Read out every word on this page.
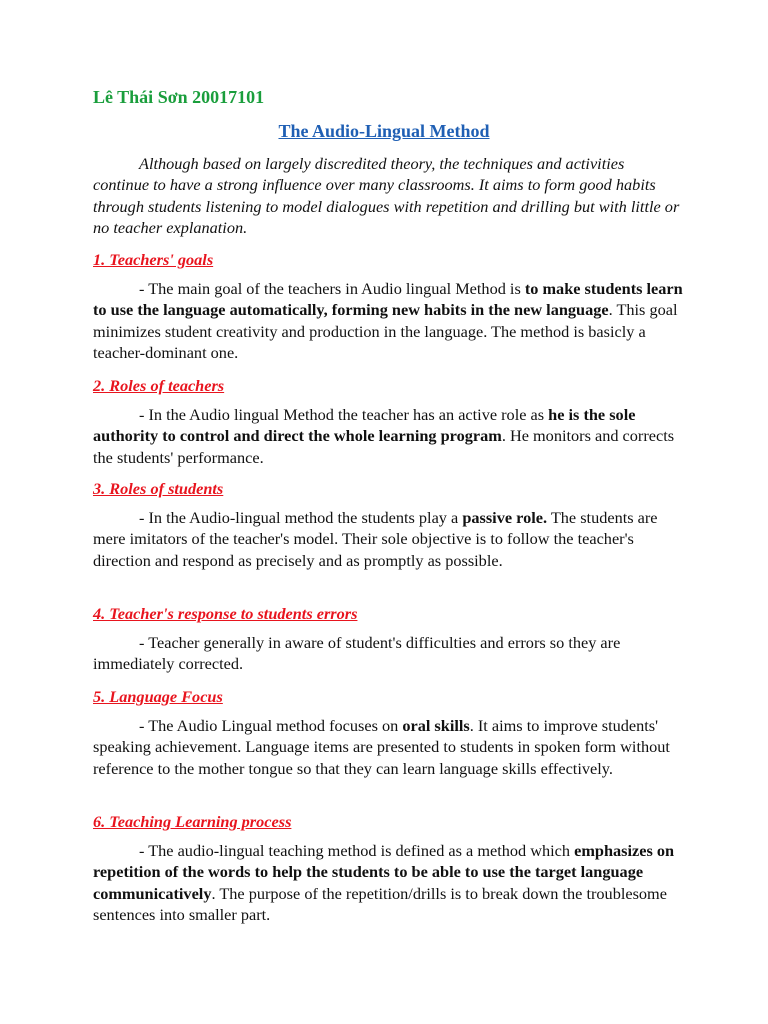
Lê Thái Sơn 20017101
The Audio-Lingual Method
Although based on largely discredited theory, the techniques and activities continue to have a strong influence over many classrooms. It aims to form good habits through students listening to model dialogues with repetition and drilling but with little or no teacher explanation.
1. Teachers' goals
- The main goal of the teachers in Audio lingual Method is to make students learn to use the language automatically, forming new habits in the new language. This goal minimizes student creativity and production in the language. The method is basicly a teacher-dominant one.
2. Roles of teachers
- In the Audio lingual Method the teacher has an active role as he is the sole authority to control and direct the whole learning program. He monitors and corrects the students' performance.
3. Roles of students
- In the Audio-lingual method the students play a passive role. The students are mere imitators of the teacher's model. Their sole objective is to follow the teacher's direction and respond as precisely and as promptly as possible.
4. Teacher's response to students errors
- Teacher generally in aware of student's difficulties and errors so they are immediately corrected.
5. Language Focus
- The Audio Lingual method focuses on oral skills. It aims to improve students' speaking achievement. Language items are presented to students in spoken form without reference to the mother tongue so that they can learn language skills effectively.
6. Teaching Learning process
- The audio-lingual teaching method is defined as a method which emphasizes on repetition of the words to help the students to be able to use the target language communicatively. The purpose of the repetition/drills is to break down the troublesome sentences into smaller part.
